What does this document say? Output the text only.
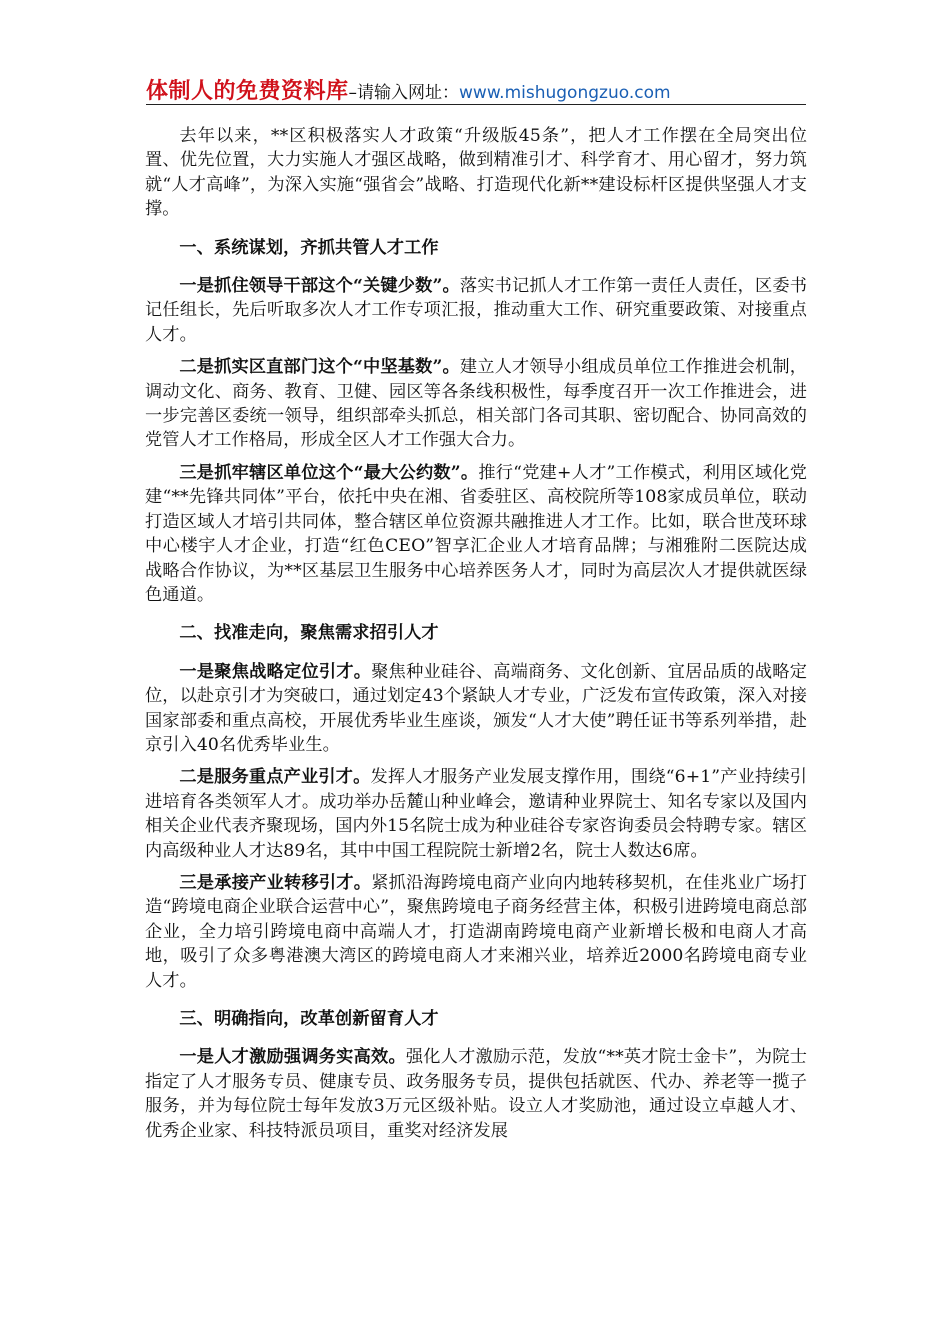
体制人的免费资料库–请输入网址：www.mishugongzuo.com

去年以来，**区积极落实人才政策“升级版45条”，把人才工作摆在全局突出位置、优先位置，大力实施人才强区战略，做到精准引才、科学育才、用心留才，努力筑就“人才高峰”，为深入实施“强省会”战略、打造现代化新**建设标杆区提供坚强人才支撑。

一、系统谋划，齐抓共管人才工作

一是抓住领导干部这个“关键少数”。落实书记抓人才工作第一责任人责任，区委书记任组长，先后听取多次人才工作专项汇报，推动重大工作、研究重要政策、对接重点人才。

二是抓实区直部门这个“中坚基数”。建立人才领导小组成员单位工作推进会机制，调动文化、商务、教育、卫健、园区等各条线积极性，每季度召开一次工作推进会，进一步完善区委统一领导，组织部牵头抓总，相关部门各司其职、密切配合、协同高效的党管人才工作格局，形成全区人才工作强大合力。

三是抓牢辖区单位这个“最大公约数”。推行“党建+人才”工作模式，利用区域化党建“**先锋共同体”平台，依托中央在湘、省委驻区、高校院所等108家成员单位，联动打造区域人才培引共同体，整合辖区单位资源共融推进人才工作。比如，联合世茂环球中心楼宇人才企业，打造“红色CEO”智享汇企业人才培育品牌；与湘雅附二医院达成战略合作协议，为**区基层卫生服务中心培养医务人才，同时为高层次人才提供就医绿色通道。

二、找准走向，聚焦需求招引人才

一是聚焦战略定位引才。聚焦种业硅谷、高端商务、文化创新、宜居品质的战略定位，以赴京引才为突破口，通过划定43个紧缺人才专业，广泛发布宣传政策，深入对接国家部委和重点高校，开展优秀毕业生座谈，颁发“人才大使”聘任证书等系列举措，赴京引入40名优秀毕业生。

二是服务重点产业引才。发挥人才服务产业发展支撑作用，围绕“6+1”产业持续引进培育各类领军人才。成功举办岳麓山种业峰会，邀请种业界院士、知名专家以及国内相关企业代表齐聚现场，国内外15名院士成为种业硅谷专家咨询委员会特聘专家。辖区内高级种业人才达89名，其中中国工程院院士新增2名，院士人数达6席。

三是承接产业转移引才。紧抓沿海跨境电商产业向内地转移契机，在佳兆业广场打造“跨境电商企业联合运营中心”，聚焦跨境电子商务经营主体，积极引进跨境电商总部企业，全力培引跨境电商中高端人才，打造湖南跨境电商产业新增长极和电商人才高地，吸引了众多粤港澳大湾区的跨境电商人才来湘兴业，培养近2000名跨境电商专业人才。

三、明确指向，改革创新留育人才

一是人才激励强调务实高效。强化人才激励示范，发放“**英才院士金卡”，为院士指定了人才服务专员、健康专员、政务服务专员，提供包括就医、代办、养老等一揽子服务，并为每位院士每年发放3万元区级补贴。设立人才奖励池，通过设立卓越人才、优秀企业家、科技特派员项目，重奖对经济发展
